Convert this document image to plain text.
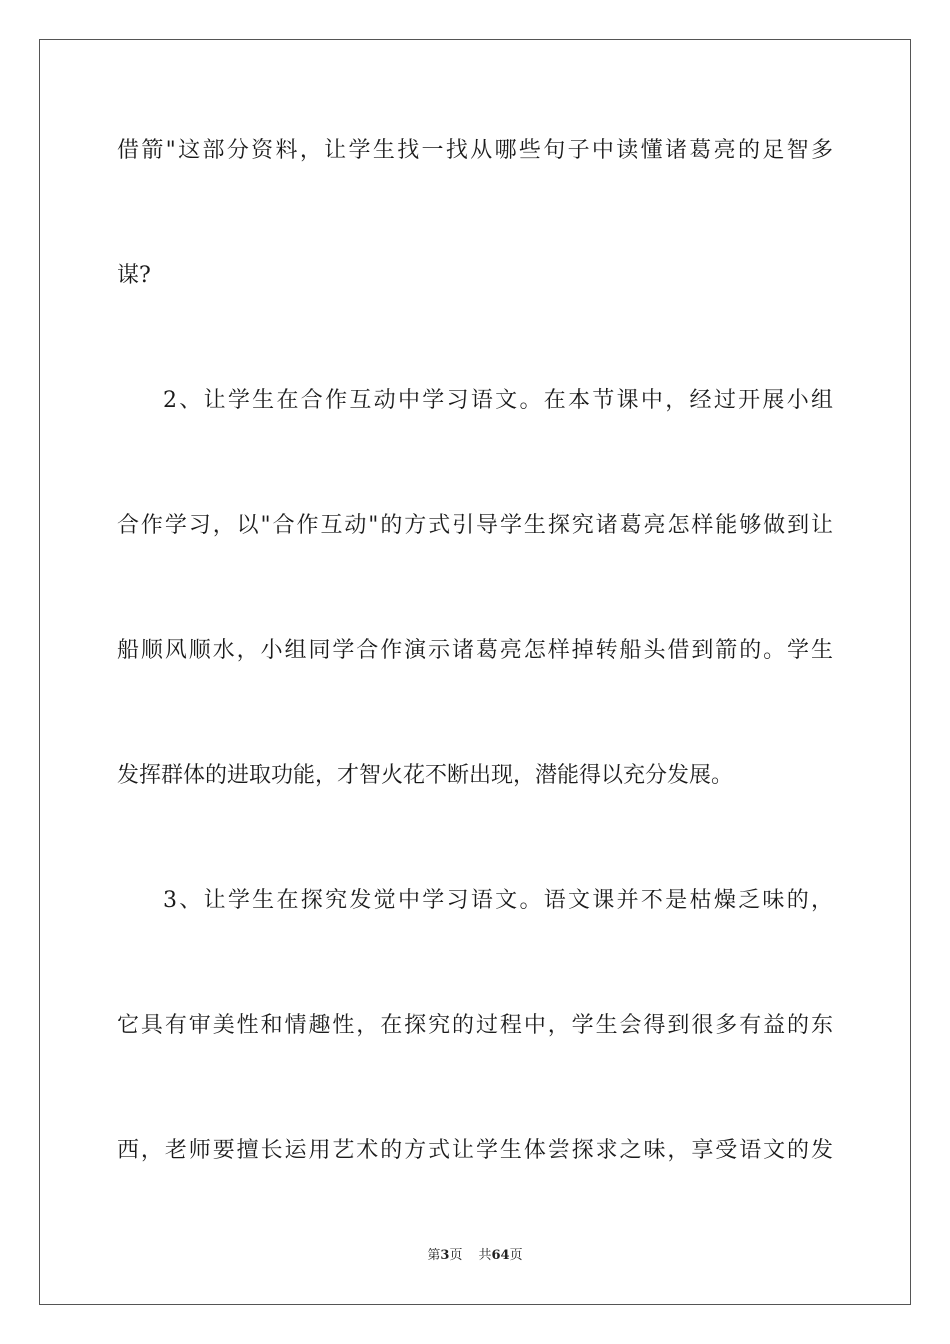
借箭"这部分资料，让学生找一找从哪些句子中读懂诸葛亮的足智多
谋?
2、让学生在合作互动中学习语文。在本节课中，经过开展小组
合作学习，以"合作互动"的方式引导学生探究诸葛亮怎样能够做到让
船顺风顺水，小组同学合作演示诸葛亮怎样掉转船头借到箭的。学生
发挥群体的进取功能，才智火花不断出现，潜能得以充分发展。
3、让学生在探究发觉中学习语文。语文课并不是枯燥乏味的，
它具有审美性和情趣性，在探究的过程中，学生会得到很多有益的东
西，老师要擅长运用艺术的方式让学生体尝探求之味，享受语文的发
第3页 共64页
